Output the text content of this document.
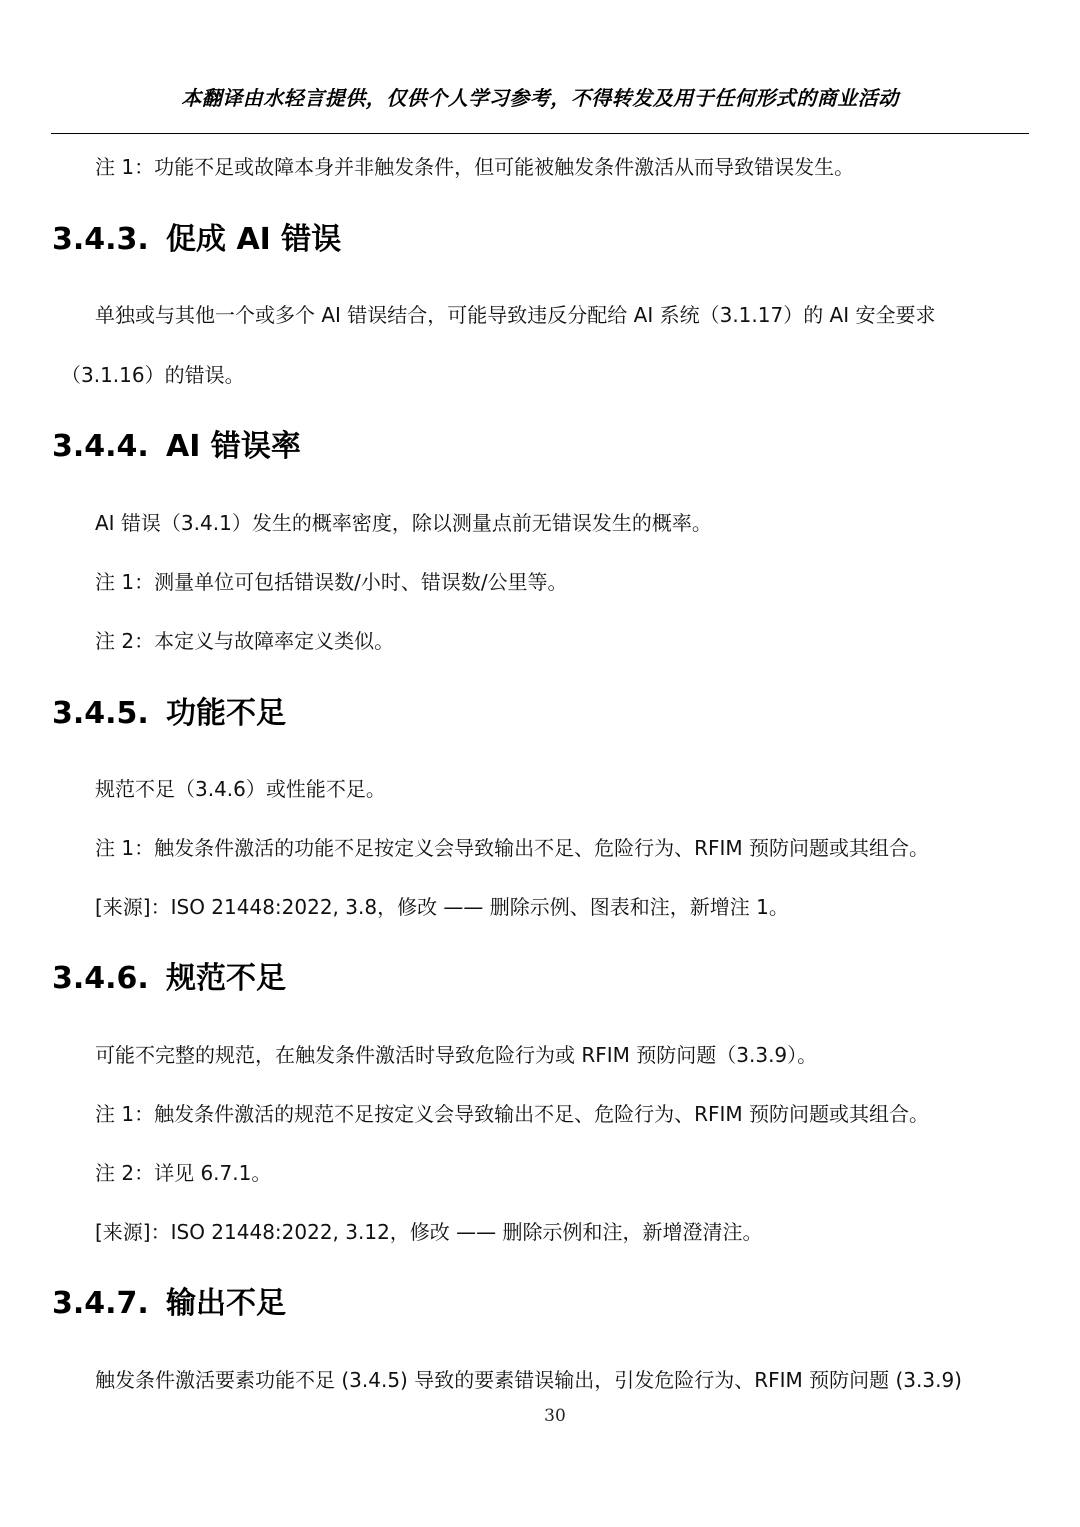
本翻译由水轻言提供，仅供个人学习参考，不得转发及用于任何形式的商业活动
注 1：功能不足或故障本身并非触发条件，但可能被触发条件激活从而导致错误发生。
3.4.3. 促成 AI 错误
单独或与其他一个或多个 AI 错误结合，可能导致违反分配给 AI 系统（3.1.17）的 AI 安全要求
（3.1.16）的错误。
3.4.4. AI 错误率
AI 错误（3.4.1）发生的概率密度，除以测量点前无错误发生的概率。
注 1：测量单位可包括错误数/小时、错误数/公里等。
注 2：本定义与故障率定义类似。
3.4.5. 功能不足
规范不足（3.4.6）或性能不足。
注 1：触发条件激活的功能不足按定义会导致输出不足、危险行为、RFIM 预防问题或其组合。
[来源]：ISO 21448:2022, 3.8，修改 —— 删除示例、图表和注，新增注 1。
3.4.6. 规范不足
可能不完整的规范，在触发条件激活时导致危险行为或 RFIM 预防问题（3.3.9）。
注 1：触发条件激活的规范不足按定义会导致输出不足、危险行为、RFIM 预防问题或其组合。
注 2：详见 6.7.1。
[来源]：ISO 21448:2022, 3.12，修改 —— 删除示例和注，新增澄清注。
3.4.7. 输出不足
触发条件激活要素功能不足 (3.4.5) 导致的要素错误输出，引发危险行为、RFIM 预防问题 (3.3.9)
30
